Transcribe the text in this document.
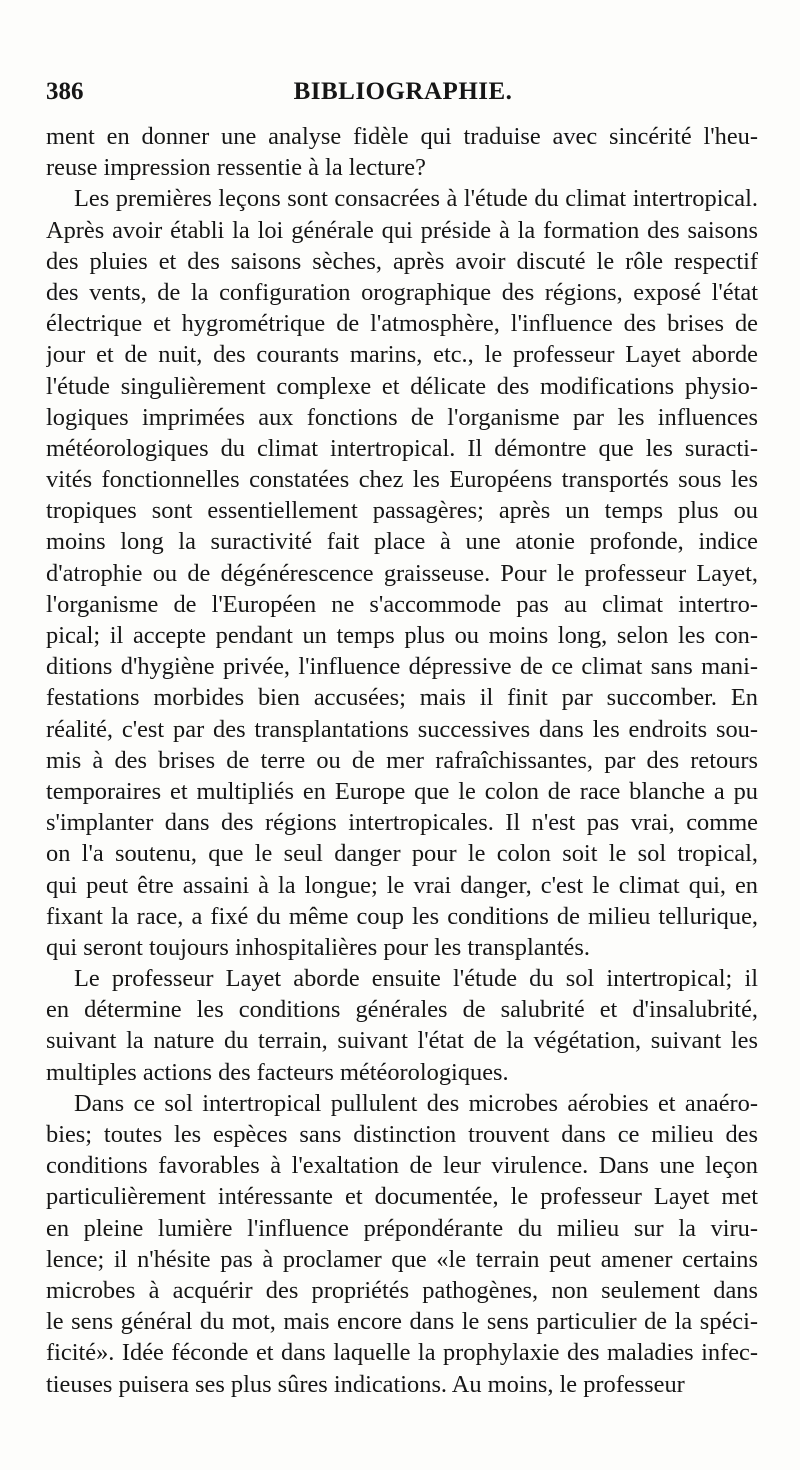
386	BIBLIOGRAPHIE.
ment en donner une analyse fidèle qui traduise avec sincérité l'heu-
reuse impression ressentie à la lecture?
Les premières leçons sont consacrées à l'étude du climat intertropical.
Après avoir établi la loi générale qui préside à la formation des saisons
des pluies et des saisons sèches, après avoir discuté le rôle respectif
des vents, de la configuration orographique des régions, exposé l'état
électrique et hygrométrique de l'atmosphère, l'influence des brises de
jour et de nuit, des courants marins, etc., le professeur Layet aborde
l'étude singulièrement complexe et délicate des modifications physio-
logiques imprimées aux fonctions de l'organisme par les influences
météorologiques du climat intertropical. Il démontre que les suracti-
vités fonctionnelles constatées chez les Européens transportés sous les
tropiques sont essentiellement passagères; après un temps plus ou
moins long la suractivité fait place à une atonie profonde, indice
d'atrophie ou de dégénérescence graisseuse. Pour le professeur Layet,
l'organisme de l'Européen ne s'accommode pas au climat intertro-
pical; il accepte pendant un temps plus ou moins long, selon les con-
ditions d'hygiène privée, l'influence dépressive de ce climat sans mani-
festations morbides bien accusées; mais il finit par succomber. En
réalité, c'est par des transplantations successives dans les endroits sou-
mis à des brises de terre ou de mer rafraîchissantes, par des retours
temporaires et multipliés en Europe que le colon de race blanche a pu
s'implanter dans des régions intertropicales. Il n'est pas vrai, comme
on l'a soutenu, que le seul danger pour le colon soit le sol tropical,
qui peut être assaini à la longue; le vrai danger, c'est le climat qui, en
fixant la race, a fixé du même coup les conditions de milieu tellurique,
qui seront toujours inhospitalières pour les transplantés.
Le professeur Layet aborde ensuite l'étude du sol intertropical; il
en détermine les conditions générales de salubrité et d'insalubrité,
suivant la nature du terrain, suivant l'état de la végétation, suivant les
multiples actions des facteurs météorologiques.
Dans ce sol intertropical pullulent des microbes aérobies et anaéro-
bies; toutes les espèces sans distinction trouvent dans ce milieu des
conditions favorables à l'exaltation de leur virulence. Dans une leçon
particulièrement intéressante et documentée, le professeur Layet met
en pleine lumière l'influence prépondérante du milieu sur la viru-
lence; il n'hésite pas à proclamer que «le terrain peut amener certains
microbes à acquérir des propriétés pathogènes, non seulement dans
le sens général du mot, mais encore dans le sens particulier de la spéci-
ficité». Idée féconde et dans laquelle la prophylaxie des maladies infec-
tieuses puisera ses plus sûres indications. Au moins, le professeur
